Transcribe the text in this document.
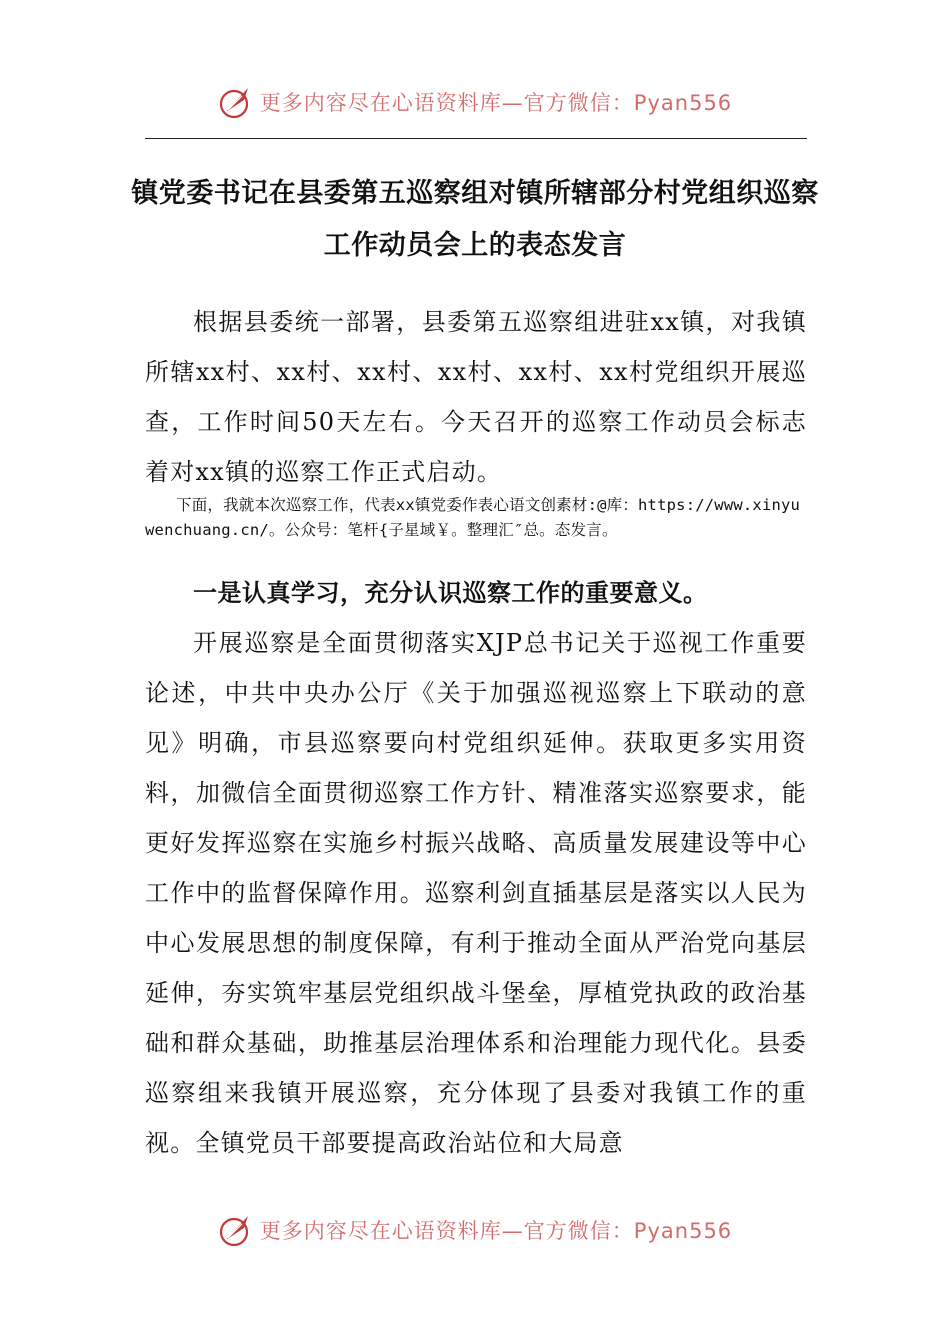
更多内容尽在心语资料库—官方微信：Pyan556
镇党委书记在县委第五巡察组对镇所辖部分村党组织巡察
工作动员会上的表态发言

根据县委统一部署，县委第五巡察组进驻xx镇，对我镇所辖xx村、xx村、xx村、xx村、xx村、xx村党组织开展巡查，工作时间50天左右。今天召开的巡察工作动员会标志着对xx镇的巡察工作正式启动。

下面，我就本次巡察工作，代表xx镇党委作表心语文创素材:@库：https://www.xinyuwenchuang.cn/。公众号：笔杆{子星域￥。整理汇″总。态发言。

一是认真学习，充分认识巡察工作的重要意义。

开展巡察是全面贯彻落实XJP总书记关于巡视工作重要论述，中共中央办公厅《关于加强巡视巡察上下联动的意见》明确，市县巡察要向村党组织延伸。获取更多实用资料，加微信全面贯彻巡察工作方针、精准落实巡察要求，能更好发挥巡察在实施乡村振兴战略、高质量发展建设等中心工作中的监督保障作用。巡察利剑直插基层是落实以人民为中心发展思想的制度保障，有利于推动全面从严治党向基层延伸，夯实筑牢基层党组织战斗堡垒，厚植党执政的政治基础和群众基础，助推基层治理体系和治理能力现代化。县委巡察组来我镇开展巡察，充分体现了县委对我镇工作的重视。全镇党员干部要提高政治站位和大局意

更多内容尽在心语资料库—官方微信：Pyan556
